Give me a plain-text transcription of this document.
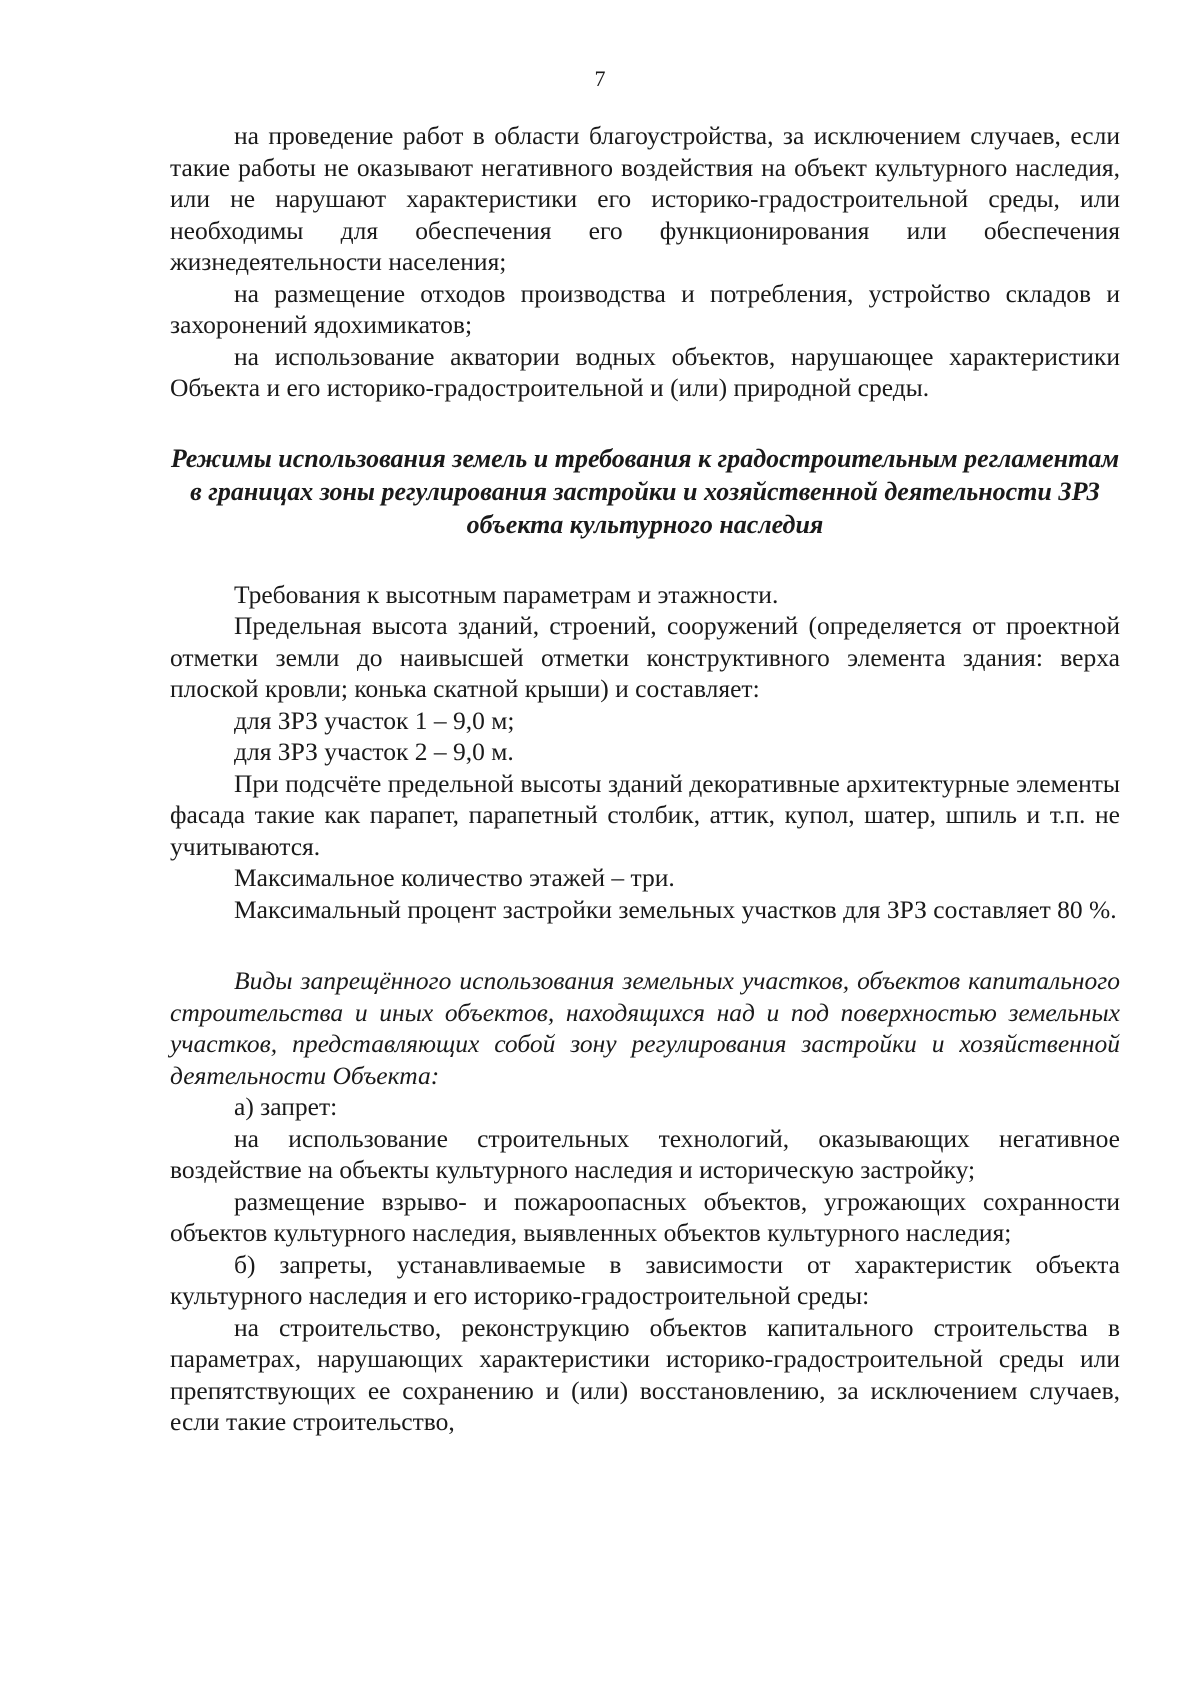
7

на проведение работ в области благоустройства, за исключением случаев, если такие работы не оказывают негативного воздействия на объект культурного наследия, или не нарушают характеристики его историко-градостроительной среды, или необходимы для обеспечения его функционирования или обеспечения жизнедеятельности населения;

на размещение отходов производства и потребления, устройство складов и захоронений ядохимикатов;

на использование акватории водных объектов, нарушающее характеристики Объекта и его историко-градостроительной и (или) природной среды.

Режимы использования земель и требования к градостроительным регламентам в границах зоны регулирования застройки и хозяйственной деятельности ЗРЗ объекта культурного наследия

Требования к высотным параметрам и этажности.

Предельная высота зданий, строений, сооружений (определяется от проектной отметки земли до наивысшей отметки конструктивного элемента здания: верха плоской кровли; конька скатной крыши) и составляет:

для ЗРЗ участок 1 – 9,0 м;

для ЗРЗ участок 2 – 9,0 м.

При подсчёте предельной высоты зданий декоративные архитектурные элементы фасада такие как парапет, парапетный столбик, аттик, купол, шатер, шпиль и т.п. не учитываются.

Максимальное количество этажей – три.

Максимальный процент застройки земельных участков для ЗРЗ составляет 80 %.

Виды запрещённого использования земельных участков, объектов капитального строительства и иных объектов, находящихся над и под поверхностью земельных участков, представляющих собой зону регулирования застройки и хозяйственной деятельности Объекта:

а) запрет:

на использование строительных технологий, оказывающих негативное воздействие на объекты культурного наследия и историческую застройку;

размещение взрыво- и пожароопасных объектов, угрожающих сохранности объектов культурного наследия, выявленных объектов культурного наследия;

б) запреты, устанавливаемые в зависимости от характеристик объекта культурного наследия и его историко-градостроительной среды:

на строительство, реконструкцию объектов капитального строительства в параметрах, нарушающих характеристики историко-градостроительной среды или препятствующих ее сохранению и (или) восстановлению, за исключением случаев, если такие строительство,
